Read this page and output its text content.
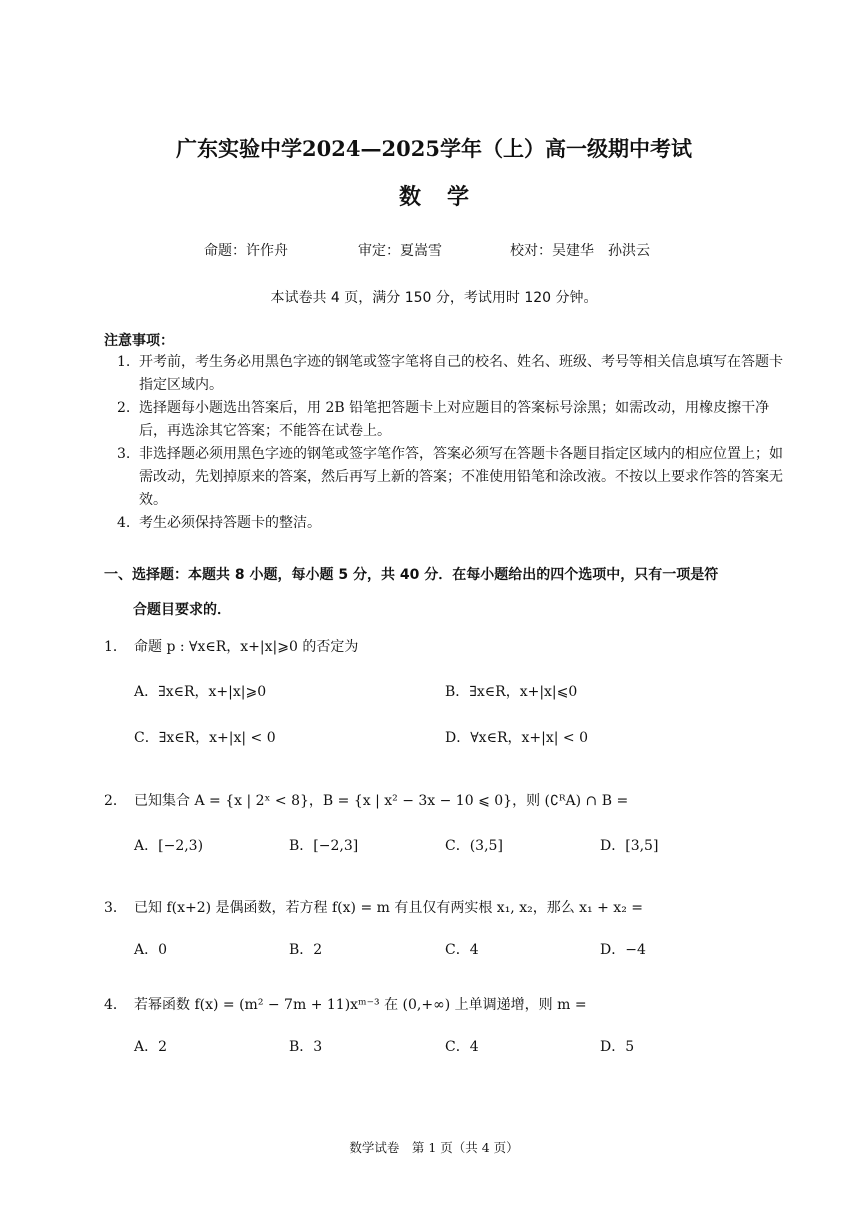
广东实验中学2024—2025学年（上）高一级期中考试
数学
命题：许作舟	审定：夏嵩雪	校对：吴建华　孙洪云
本试卷共 4 页，满分 150 分，考试用时 120 分钟。
注意事项：
1. 开考前，考生务必用黑色字迹的钢笔或签字笔将自己的校名、姓名、班级、考号等相关信息填写在答题卡指定区域内。
2. 选择题每小题选出答案后，用 2B 铅笔把答题卡上对应题目的答案标号涂黑；如需改动，用橡皮擦干净后，再选涂其它答案；不能答在试卷上。
3. 非选择题必须用黑色字迹的钢笔或签字笔作答，答案必须写在答题卡各题目指定区域内的相应位置上；如需改动，先划掉原来的答案，然后再写上新的答案；不准使用铅笔和涂改液。不按以上要求作答的答案无效。
4. 考生必须保持答题卡的整洁。
一、选择题：本题共 8 小题，每小题 5 分，共 40 分．在每小题给出的四个选项中，只有一项是符
合题目要求的．
1． 命题 p : ∀x∈R，x+|x|⩾0 的否定为
A．∃x∈R，x+|x|⩾0	B．∃x∈R，x+|x|⩽0
C．∃x∈R，x+|x| < 0	D．∀x∈R，x+|x| < 0
2． 已知集合 A = {x | 2ˣ < 8}，B = {x | x² − 3x − 10 ⩽ 0}，则 (∁ᴿA) ∩ B =
A．[−2,3)	B．[−2,3]	C．(3,5]	D．[3,5]
3． 已知 f(x+2) 是偶函数，若方程 f(x) = m 有且仅有两实根 x₁, x₂，那么 x₁ + x₂ =
A．0	B．2	C．4	D．−4
4． 若幂函数 f(x) = (m² − 7m + 11)xᵐ⁻³ 在 (0,+∞) 上单调递增，则 m =
A．2	B．3	C．4	D．5
数学试卷　第 1 页（共 4 页）
